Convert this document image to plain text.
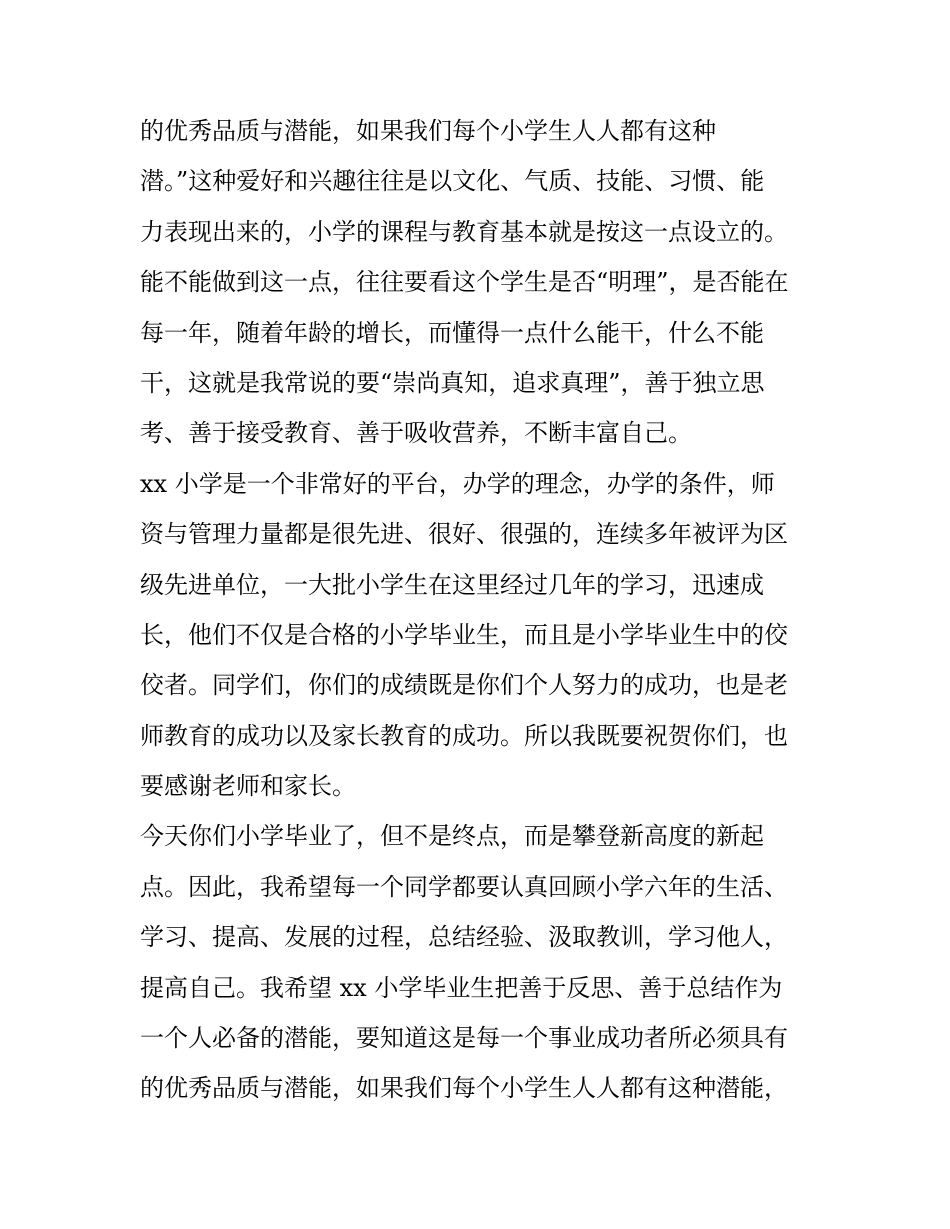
的优秀品质与潜能，如果我们每个小学生人人都有这种
潜。”这种爱好和兴趣往往是以文化、气质、技能、习惯、能
力表现出来的，小学的课程与教育基本就是按这一点设立的。
能不能做到这一点，往往要看这个学生是否“明理”，是否能在
每一年，随着年龄的增长，而懂得一点什么能干，什么不能
干，这就是我常说的要“崇尚真知，追求真理”，善于独立思
考、善于接受教育、善于吸收营养，不断丰富自己。
xx 小学是一个非常好的平台，办学的理念，办学的条件，师
资与管理力量都是很先进、很好、很强的，连续多年被评为区
级先进单位，一大批小学生在这里经过几年的学习，迅速成
长，他们不仅是合格的小学毕业生，而且是小学毕业生中的佼
佼者。同学们，你们的成绩既是你们个人努力的成功，也是老
师教育的成功以及家长教育的成功。所以我既要祝贺你们，也
要感谢老师和家长。
今天你们小学毕业了，但不是终点，而是攀登新高度的新起
点。因此，我希望每一个同学都要认真回顾小学六年的生活、
学习、提高、发展的过程，总结经验、汲取教训，学习他人，
提高自己。我希望 xx 小学毕业生把善于反思、善于总结作为
一个人必备的潜能，要知道这是每一个事业成功者所必须具有
的优秀品质与潜能，如果我们每个小学生人人都有这种潜能，
